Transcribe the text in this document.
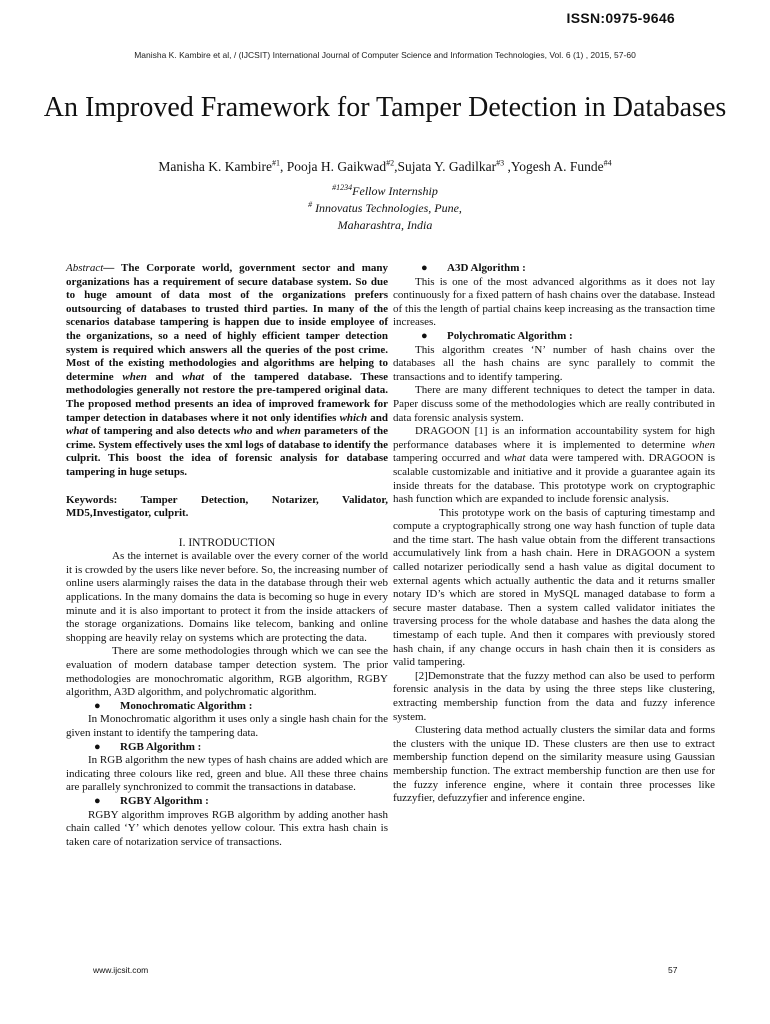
ISSN:0975-9646
Manisha K. Kambire et al, / (IJCSIT) International Journal of Computer Science and Information Technologies, Vol. 6 (1) , 2015, 57-60
An Improved Framework for Tamper Detection in Databases
Manisha K. Kambire$^{\#1}$, Pooja H. Gaikwad$^{\#2}$,Sujata Y. Gadilkar$^{\#3}$ ,Yogesh A. Funde$^{\#4}$
$^{\#1234}$Fellow Internship
# Innovatus Technologies, Pune,
Maharashtra, India

Abstract— The Corporate world, government sector and many organizations has a requirement of secure database system. So due to huge amount of data most of the organizations prefers outsourcing of databases to trusted third parties. In many of the scenarios database tampering is happen due to inside employee of the organizations, so a need of highly efficient tamper detection system is required which answers all the queries of the post crime. Most of the existing methodologies and algorithms are helping to determine when and what of the tampered database. These methodologies generally not restore the pre-tampered original data. The proposed method presents an idea of improved framework for tamper detection in databases where it not only identifies which and what of tampering and also detects who and when parameters of the crime. System effectively uses the xml logs of database to identify the culprit. This boost the idea of forensic analysis for database tampering in huge setups.

Keywords: Tamper Detection, Notarizer, Validator, MD5,Investigator, culprit.

I. INTRODUCTION

As the internet is available over the every corner of the world it is crowded by the users like never before. So, the increasing number of online users alarmingly raises the data in the database through their web applications. In the many domains the data is becoming so huge in every minute and it is also important to protect it from the inside attackers of the storage organizations. Domains like telecom, banking and online shopping are heavily relay on systems which are protecting the data.

There are some methodologies through which we can see the evaluation of modern database tamper detection system. The prior methodologies are monochromatic algorithm, RGB algorithm, RGBY algorithm, A3D algorithm, and polychromatic algorithm.

●	Monochromatic Algorithm :

In Monochromatic algorithm it uses only a single hash chain for the given instant to identify the tampering data.

●	RGB Algorithm :

In RGB algorithm the new types of hash chains are added which are indicating three colours like red, green and blue. All these three chains are parallely synchronized to commit the transactions in database.

●	RGBY Algorithm :

RGBY algorithm improves RGB algorithm by adding another hash chain called ‘Y’ which denotes yellow colour. This extra hash chain is taken care of notarization service of transactions.

●	A3D Algorithm :

This is one of the most advanced algorithms as it does not lay continuously for a fixed pattern of hash chains over the database. Instead of this the length of partial chains keep increasing as the transaction time increases.

●	Polychromatic Algorithm :

This algorithm creates ‘N’ number of hash chains over the databases all the hash chains are sync parallely to commit the transactions and to identify tampering.

There are many different techniques to detect the tamper in data. Paper discuss some of the methodologies which are really contributed in data forensic analysis system.

DRAGOON [1] is an information accountability system for high performance databases where it is implemented to determine when tampering occurred and what data were tampered with. DRAGOON is scalable customizable and initiative and it provide a guarantee again its inside threats for the database. This prototype work on cryptographic hash function which are expanded to include forensic analysis.

This prototype work on the basis of capturing timestamp and compute a cryptographically strong one way hash function of tuple data and the time start. The hash value obtain from the different transactions accumulatively link from a hash chain. Here in DRAGOON a system called notarizer periodically send a hash value as digital document to external agents which actually authentic the data and it returns smaller notary ID’s which are stored in MySQL managed database to form a secure master database. Then a system called validator initiates the traversing process for the whole database and hashes the data along the timestamp of each tuple. And then it compares with previously stored hash chain, if any change occurs in hash chain then it is considers as valid tampering.

[2]Demonstrate that the fuzzy method can also be used to perform forensic analysis in the data by using the three steps like clustering, extracting membership function from the data and fuzzy inference system.

Clustering data method actually clusters the similar data and forms the clusters with the unique ID. These clusters are then use to extract membership function depend on the similarity measure using Gaussian membership function. The extract membership function are then use for the fuzzy inference engine, where it contain three processes like fuzzyfier, defuzzyfier and inference engine.

www.ijcsit.com	57
